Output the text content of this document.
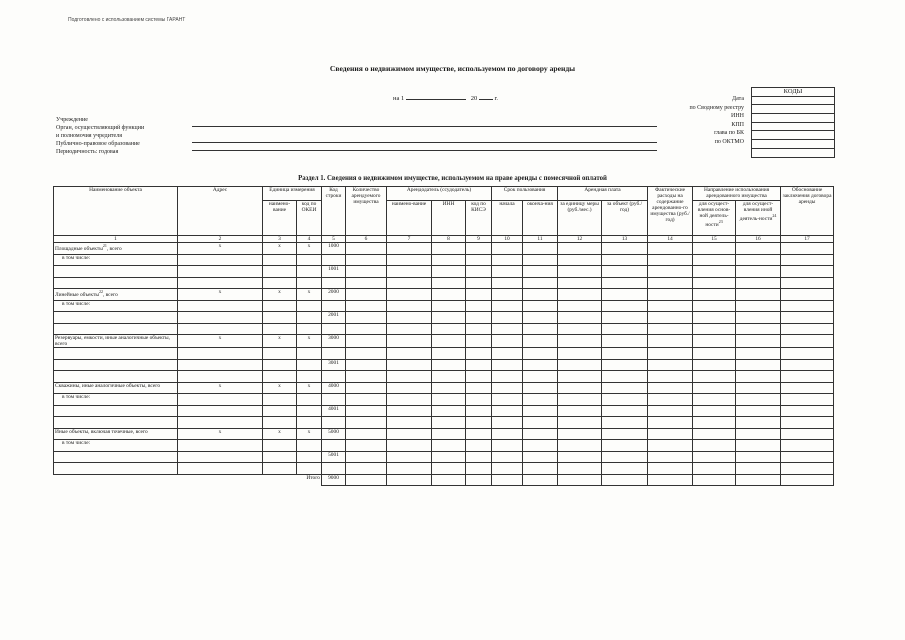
Подготовлено с использованием системы ГАРАНТ
Сведения о недвижимом имуществе, используемом по договору аренды
на 1	20	г.
Учреждение
Орган, осуществляющий функции
и полномочия учредителя
Публично-правовое образование
Периодичность: годовая
Дата
по Сводному реестру
ИНН
КПП
глава по БК
по ОКТМО
КОДЫ

Раздел 1. Сведения о недвижимом имуществе, используемом на праве аренды с помесячной оплатой
Наименование объекта	Адрес	Единица измерения		Код строки	Количество арендуемого имущества	Арендодатель (ссудодатель)			Срок пользования		Арендная плата		Фактические расходы на содержание арендованно-го имущества (руб./год)	Направление использования арендованного имущества		Обоснование заключения договора аренды
		наимено-вание	код по ОКЕИ			наимено-вание	ИНН	код по КИСЭ	начала	оконча-ния	за единицу меры (руб./мес.)	за объект (руб./год)		для осущест-вления основ-ной деятель-ности$^{23}$	для осущест-вления иной деятель-ности$^{24}$
1	2	3	4	5	6	7	8	9	10	11	12	13	14	15	16	17
Площадные объекты$^{21}$, всего	х	х	х	1000												
в том числе:																
				1001												

Линейные объекты$^{22}$, всего	х	х	х	2000												
в том числе:																
				2001												

Резервуары, емкости, иные аналогичные объекты, всего	х	х	х	3000												

				3001												

Скважины, иные аналогичные объекты, всего	х	х	х	4000												
в том числе:																
				4001												

Иные объекты, включая точечные, всего	х	х	х	5000												
в том числе:																
				5001												

Итого				9000												
